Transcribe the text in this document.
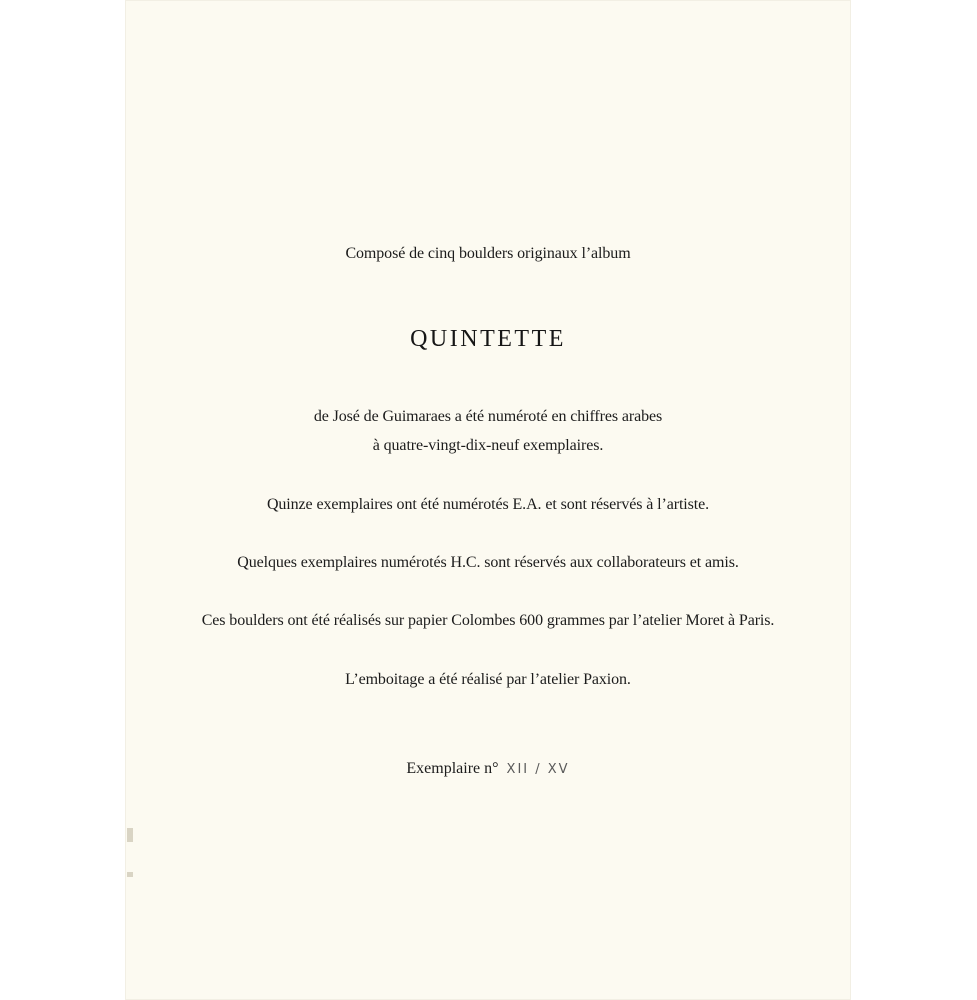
Composé de cinq boulders originaux l’album
QUINTETTE
de José de Guimaraes a été numéroté en chiffres arabes
à quatre-vingt-dix-neuf exemplaires.
Quinze exemplaires ont été numérotés E.A. et sont réservés à l’artiste.
Quelques exemplaires numérotés H.C. sont réservés aux collaborateurs et amis.
Ces boulders ont été réalisés sur papier Colombes 600 grammes par l’atelier Moret à Paris.
L’emboitage a été réalisé par l’atelier Paxion.
Exemplaire n° XII / XV
